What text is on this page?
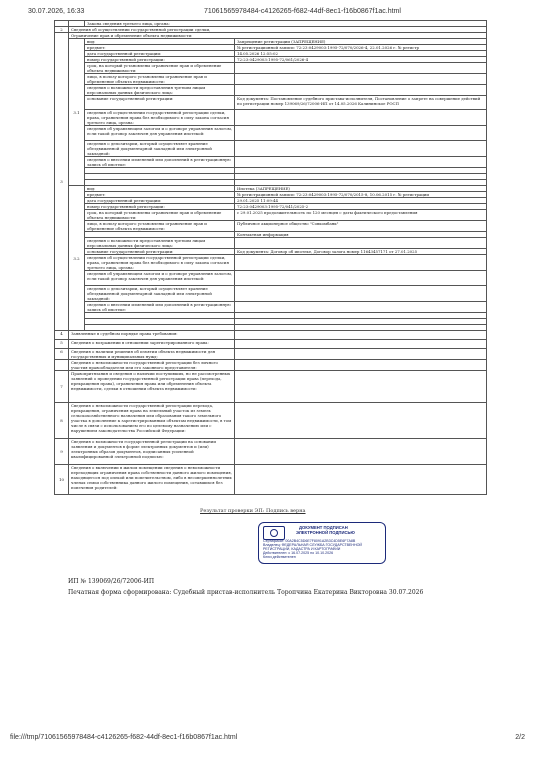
30.07.2026, 16:33	71061565978484-c4126265-f682-44df-8ec1-f16b0867f1ac.html
		Закона сведения третьего лица, органа:	
2	Сведения об осуществлении государственной регистрации сделки,		
3	Ограничение прав и обременение объекта недвижимости:		
	3.1	вид:	Запрещение регистрации (ЗАПРЕЩЕНИЕ)
		предмет:	№ регистрационной записи: 72:23:0429003:1995-72/070/2026-4, 22.01.2026 г. № регистр
		дата государственной регистрации:	14.05.2026 12:55:02
		номер государственной регистрации:	72:23:0429003:1995-72/061/2026-4
		срок, на который установлены ограничение прав и обременение объекта недвижимости:	
		лицо, в пользу которого установлены ограничение прав и обременение объекта недвижимости:	
		сведения о возможности предоставления третьим лицам персональных данных физического лица:	
		основание государственной регистрации:	Код документа: Постановление судебного пристава-исполнителя, Постановление о запрете на совершение действий по регистрации номер 139069/26/72006-ИП от 14.05.2026 Калининское РОСП
		сведения об осуществлении государственной регистрации сделки, права, ограничения права без необходимого в силу закона согласия третьего лица, органа:	
		сведения об управляющем залогом и о договоре управления залогом, если такой договор заключен для управления ипотекой:	
		сведения о депозитарии, который осуществляет хранение обездвиженной документарной закладной или электронной закладной:	
		сведения о внесении изменений или дополнений в регистрационную запись об ипотеке:	

	3.2	вид:	Ипотека (ЗАПРЕЩЕНИЕ)
		предмет:	№ регистрационной записи: 72:23:0429003:1995-72/070/2015-8, 10.06.2015 г. № регистрации
		дата государственной регистрации:	29.01.2025 11:09:44
		номер государственной регистрации:	72:23:0429003:1995-72/041/2025-2
		срок, на который установлены ограничение прав и обременение объекта недвижимости:	с 29.01.2025 продолжительность по 120 месяцев с даты фактического предоставления
		лицо, в пользу которого установлены ограничение прав и обременение объекта недвижимости:	Публичное акционерное общество "Совкомбанк"
			Контактная информация
		сведения о возможности предоставления третьим лицам персональных данных физического лица:	
		основание государственной регистрации:	Код документа: Договор об ипотеке, Договор залога номер 11643457171 от 27.01.2025
		сведения об осуществлении государственной регистрации сделки, права, ограничения права без необходимого в силу закона согласия третьего лица, органа:	
		сведения об управляющем залогом и о договоре управления залогом, если такой договор заключен для управления ипотекой:	
		сведения о депозитарии, который осуществляет хранение обездвиженной документарной закладной или электронной закладной:	
		сведения о внесении изменений или дополнений в регистрационную запись об ипотеке:	

4	Заявленные в судебном порядке права требования:		
5	Сведения о возражении в отношении зарегистрированного права:		
6	Сведения о наличии решения об изъятии объекта недвижимости для государственных и муниципальных нужд:		
	Сведения о невозможности государственной регистрации без личного участия правообладателя или его законного представителя:		
7	Правопритязания и сведения о наличии поступивших, но не рассмотренных заявлений о проведении государственной регистрации права (перехода, прекращения права), ограничения права или обременения объекта недвижимости, сделки в отношении объекта недвижимости:		
8	Сведения о невозможности государственной регистрации перехода, прекращения, ограничения права на земельный участок из земель сельскохозяйственного назначения или образования такого земельного участка в дополнение к зарегистрированным объектам недвижимости, в том числе в связи с использованием его по целевому назначению или с нарушением законодательства Российской Федерации:		
9	Сведения о возможности государственной регистрации на основании заявления и документов в форме электронных документов и (или) электронных образов документов, подписанных усиленной квалифицированной электронной подписью:		
10	Сведения о включении в жилом помещении сведения о невозможности переходящих ограничения права собственности данного жилого помещения, находящегося под опекой или попечительством, либо в несовершеннолетних членах семьи собственника данного жилого помещения, оставшихся без попечения родителей:		
Результат проверки ЭП: Подпись верна
ДОКУМЕНТ ПОДПИСАН
ЭЛЕКТРОННОЙ ПОДПИСЬЮ
Сертификат: 00A2B4C5D6E7F8091A2B3C4D5E6F7A8B
Владелец: ФЕДЕРАЛЬНАЯ СЛУЖБА ГОСУДАРСТВЕННОЙ
РЕГИСТРАЦИИ, КАДАСТРА И КАРТОГРАФИИ
Действителен: с 16.07.2025 по 10.10.2026
Ключ действителен
ИП № 139069/26/72006-ИП
Печатная форма сформирована: Судебный пристав-исполнитель Торопчина Екатерина Викторовна 30.07.2026
file:///tmp/71061565978484-c4126265-f682-44df-8ec1-f16b0867f1ac.html	2/2
